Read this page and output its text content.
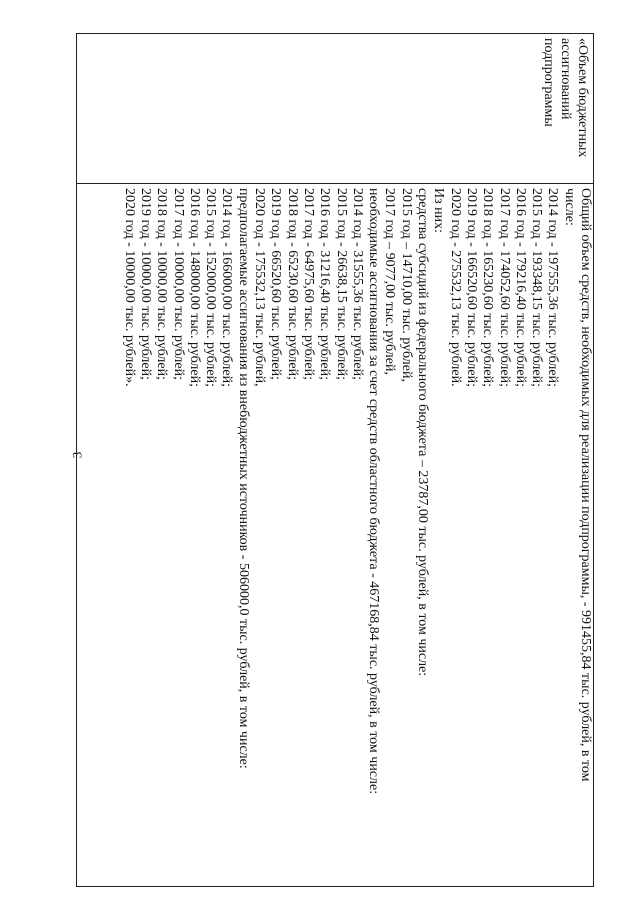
3
«Объем бюджетных
ассигнований
подпрограммы
Общий объем средств, необходимых для реализации подпрограммы, - 991455,84 тыс. рублей, в том
числе:
2014 год - 197555,36 тыс. рублей;
2015 год - 193348,15 тыс. рублей;
2016 год - 179216,40 тыс. рублей;
2017 год - 174052,60 тыс. рублей;
2018 год - 165230,60 тыс. рублей;
2019 год - 166520,60 тыс. рублей;
2020 год - 275532,13 тыс. рублей.
Из них:
средства субсидий из федерального бюджета – 23787,00 тыс. рублей, в том числе:
2015 год – 14710,00 тыс. рублей,
2017 год – 9077,00 тыс. рублей,
необходимые ассигнования за счет средств областного бюджета - 467168,84 тыс. рублей, в том числе:
2014 год - 31555,36 тыс. рублей;
2015 год - 26638,15 тыс. рублей;
2016 год - 31216,40 тыс. рублей;
2017 год - 64975,60 тыс. рублей;
2018 год - 65230,60 тыс. рублей;
2019 год - 66520,60 тыс. рублей;
2020 год - 175532,13 тыс. рублей,
предполагаемые ассигнования из внебюджетных источников - 506000,0 тыс. рублей, в том числе:
2014 год - 166000,00 тыс. рублей;
2015 год - 152000,00 тыс. рублей;
2016 год - 148000,00 тыс. рублей;
2017 год - 10000,00 тыс. рублей;
2018 год - 10000,00 тыс. рублей;
2019 год - 10000,00 тыс. рублей;
2020 год - 10000,00 тыс. рублей».
